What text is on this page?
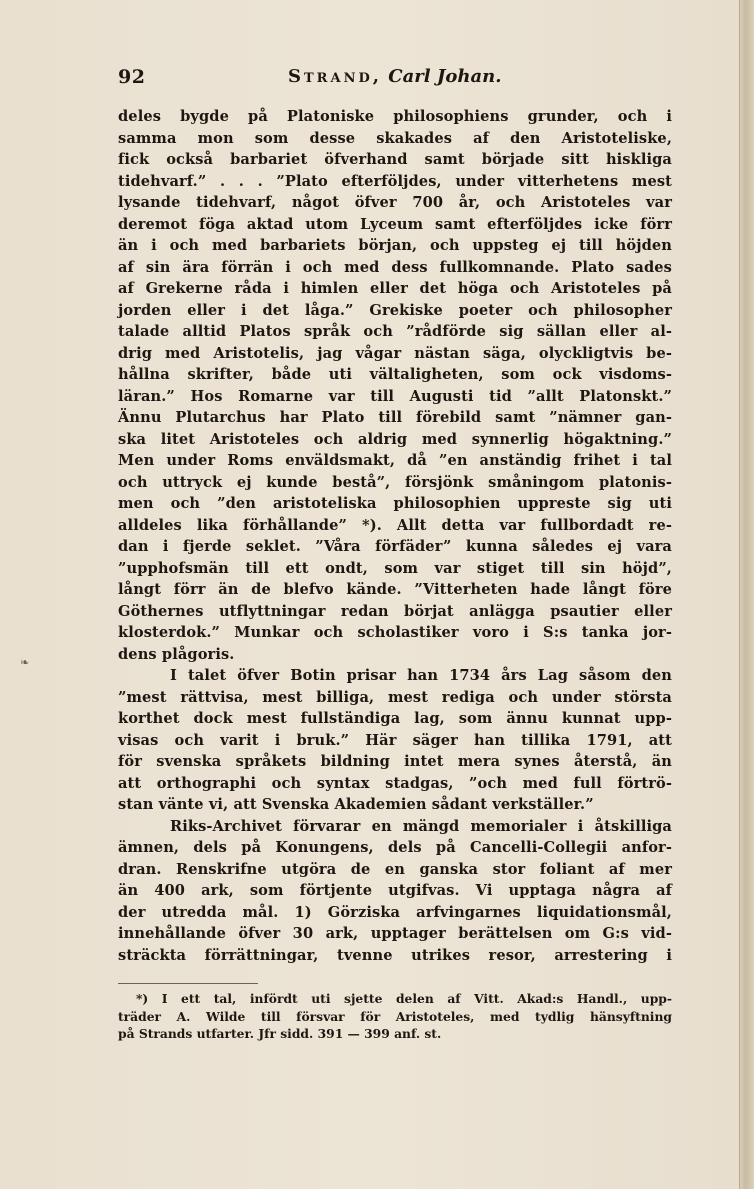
❧
92	Strand, Carl Johan.
deles bygde på Platoniske philosophiens grunder, och i
samma mon som desse skakades af den Aristoteliske,
fick också barbariet öfverhand samt började sitt hiskliga
tidehvarf.” . . . ”Plato efterföljdes, under vitterhetens mest
lysande tidehvarf, något öfver 700 år, och Aristoteles var
deremot föga aktad utom Lyceum samt efterföljdes icke förr
än i och med barbariets början, och uppsteg ej till höjden
af sin ära förrän i och med dess fullkomnande. Plato sades
af Grekerne råda i himlen eller det höga och Aristoteles på
jorden eller i det låga.” Grekiske poeter och philosopher
talade alltid Platos språk och ”rådförde sig sällan eller al-
drig med Aristotelis, jag vågar nästan säga, olyckligtvis be-
hållna skrifter, både uti vältaligheten, som ock visdoms-
läran.” Hos Romarne var till Augusti tid ”allt Platonskt.”
Ännu Plutarchus har Plato till förebild samt ”nämner gan-
ska litet Aristoteles och aldrig med synnerlig högaktning.”
Men under Roms enväldsmakt, då ”en anständig frihet i tal
och uttryck ej kunde bestå”, försjönk småningom platonis-
men och ”den aristoteliska philosophien uppreste sig uti
alldeles lika förhållande” *). Allt detta var fullbordadt re-
dan i fjerde seklet. ”Våra förfäder” kunna således ej vara
”upphofsmän till ett ondt, som var stiget till sin höjd”,
långt förr än de blefvo kände. ”Vitterheten hade långt före
Göthernes utflyttningar redan börjat anlägga psautier eller
klosterdok.” Munkar och scholastiker voro i S:s tanka jor-
dens plågoris.
I talet öfver Botin prisar han 1734 års Lag såsom den
”mest rättvisa, mest billiga, mest rediga och under största
korthet dock mest fullständiga lag, som ännu kunnat upp-
visas och varit i bruk.” Här säger han tillika 1791, att
för svenska språkets bildning intet mera synes återstå, än
att orthographi och syntax stadgas, ”och med full förtrö-
stan vänte vi, att Svenska Akademien sådant verkställer.”
Riks-Archivet förvarar en mängd memorialer i åtskilliga
ämnen, dels på Konungens, dels på Cancelli-Collegii anfor-
dran. Renskrifne utgöra de en ganska stor foliant af mer
än 400 ark, som förtjente utgifvas. Vi upptaga några af
der utredda mål. 1) Görziska arfvingarnes liquidationsmål,
innehållande öfver 30 ark, upptager berättelsen om G:s vid-
sträckta förrättningar, tvenne utrikes resor, arrestering i
*) I ett tal, infördt uti sjette delen af Vitt. Akad:s Handl., upp-
träder A. Wilde till försvar för Aristoteles, med tydlig hänsyftning
på Strands utfarter. Jfr sidd. 391 — 399 anf. st.
